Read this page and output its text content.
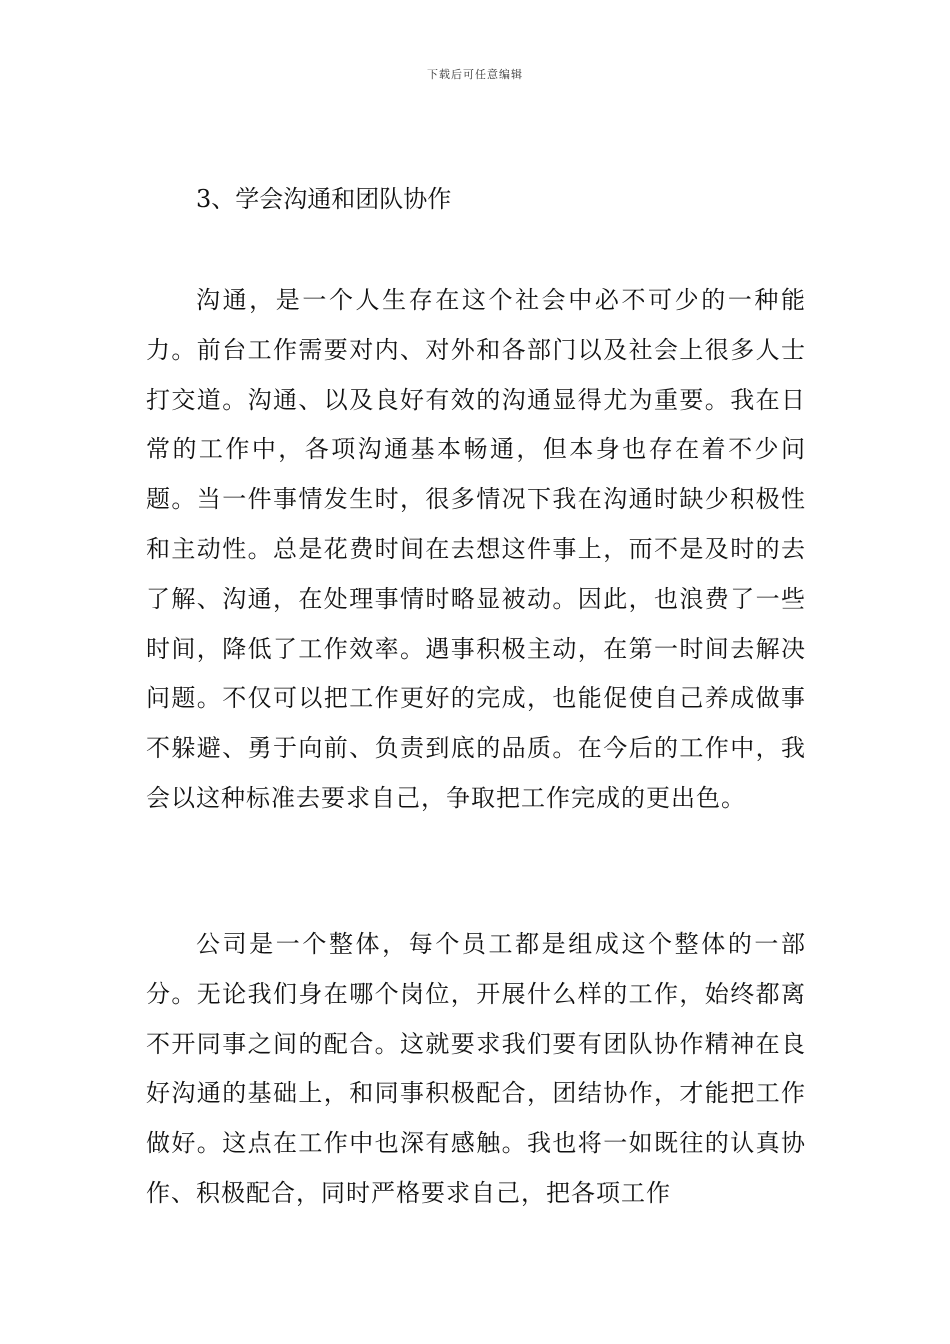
下载后可任意编辑
3、学会沟通和团队协作

沟通，是一个人生存在这个社会中必不可少的一种能力。前台工作需要对内、对外和各部门以及社会上很多人士打交道。沟通、以及良好有效的沟通显得尤为重要。我在日常的工作中，各项沟通基本畅通，但本身也存在着不少问题。当一件事情发生时，很多情况下我在沟通时缺少积极性和主动性。总是花费时间在去想这件事上，而不是及时的去了解、沟通，在处理事情时略显被动。因此，也浪费了一些时间，降低了工作效率。遇事积极主动，在第一时间去解决问题。不仅可以把工作更好的完成，也能促使自己养成做事不躲避、勇于向前、负责到底的品质。在今后的工作中，我会以这种标准去要求自己，争取把工作完成的更出色。

公司是一个整体，每个员工都是组成这个整体的一部分。无论我们身在哪个岗位，开展什么样的工作，始终都离不开同事之间的配合。这就要求我们要有团队协作精神在良好沟通的基础上，和同事积极配合，团结协作，才能把工作做好。这点在工作中也深有感触。我也将一如既往的认真协作、积极配合，同时严格要求自己，把各项工作
